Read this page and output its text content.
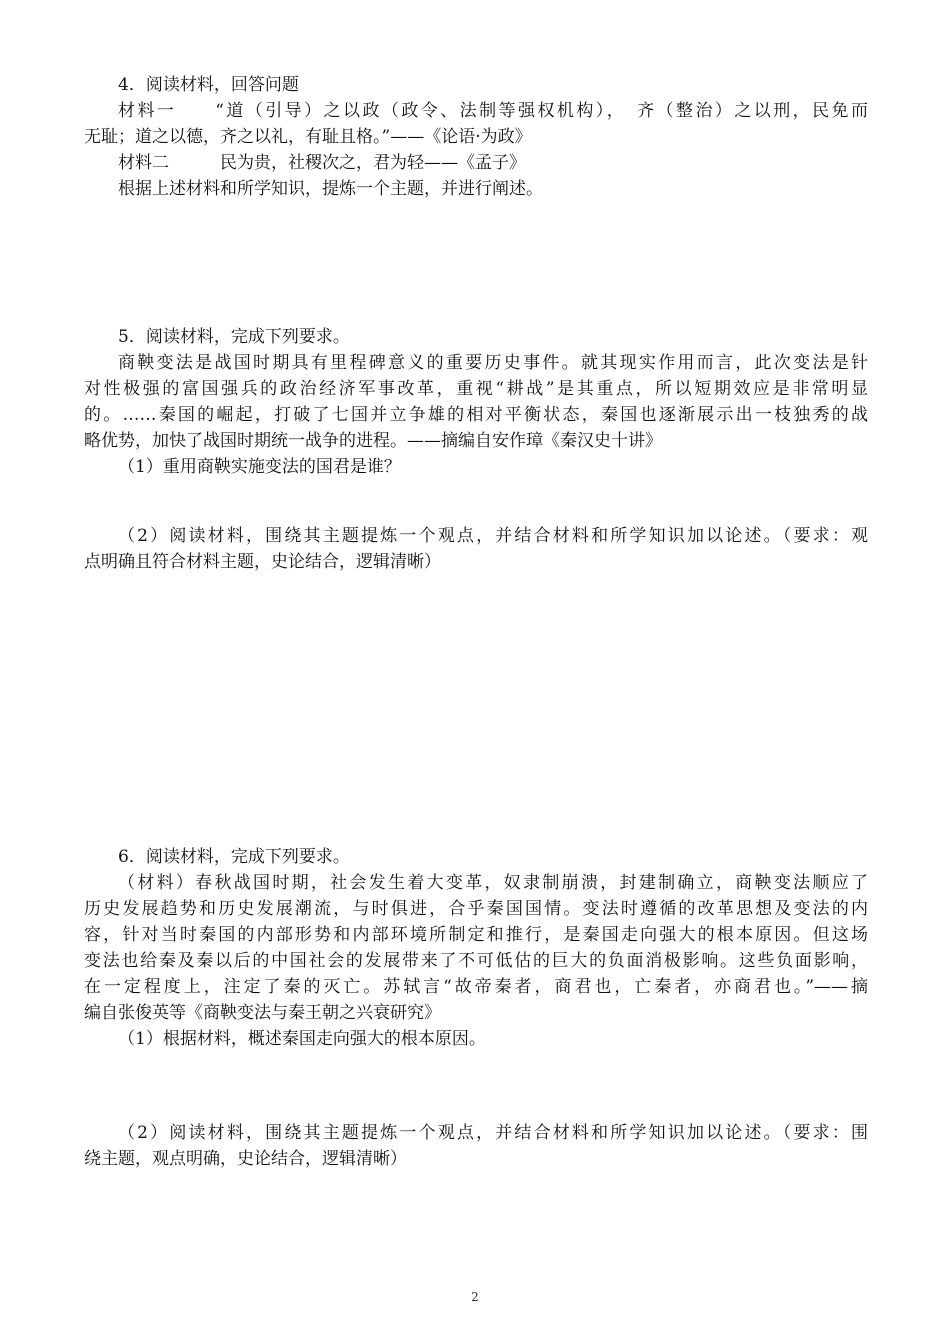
4．阅读材料，回答问题
材料一　　“道（引导）之以政（政令、法制等强权机构），　齐（整治）之以刑，民免而
无耻；道之以德，齐之以礼，有耻且格。”——《论语·为政》
材料二　　　民为贵，社稷次之，君为轻——《孟子》
根据上述材料和所学知识，提炼一个主题，并进行阐述。
5．阅读材料，完成下列要求。
商鞅变法是战国时期具有里程碑意义的重要历史事件。就其现实作用而言，此次变法是针
对性极强的富国强兵的政治经济军事改革，重视“耕战”是其重点，所以短期效应是非常明显
的。……秦国的崛起，打破了七国并立争雄的相对平衡状态，秦国也逐渐展示出一枝独秀的战
略优势，加快了战国时期统一战争的进程。——摘编自安作璋《秦汉史十讲》
（1）重用商鞅实施变法的国君是谁？
（2）阅读材料，围绕其主题提炼一个观点，并结合材料和所学知识加以论述。（要求：观
点明确且符合材料主题，史论结合，逻辑清晰）
6．阅读材料，完成下列要求。
（材料）春秋战国时期，社会发生着大变革，奴隶制崩溃，封建制确立，商鞅变法顺应了
历史发展趋势和历史发展潮流，与时俱进，合乎秦国国情。变法时遵循的改革思想及变法的内
容，针对当时秦国的内部形势和内部环境所制定和推行，是秦国走向强大的根本原因。但这场
变法也给秦及秦以后的中国社会的发展带来了不可低估的巨大的负面消极影响。这些负面影响，
在一定程度上，注定了秦的灭亡。苏轼言“故帝秦者，商君也，亡秦者，亦商君也。”——摘
编自张俊英等《商鞅变法与秦王朝之兴衰研究》
（1）根据材料，概述秦国走向强大的根本原因。
（2）阅读材料，围绕其主题提炼一个观点，并结合材料和所学知识加以论述。（要求：围
绕主题，观点明确，史论结合，逻辑清晰）
2
